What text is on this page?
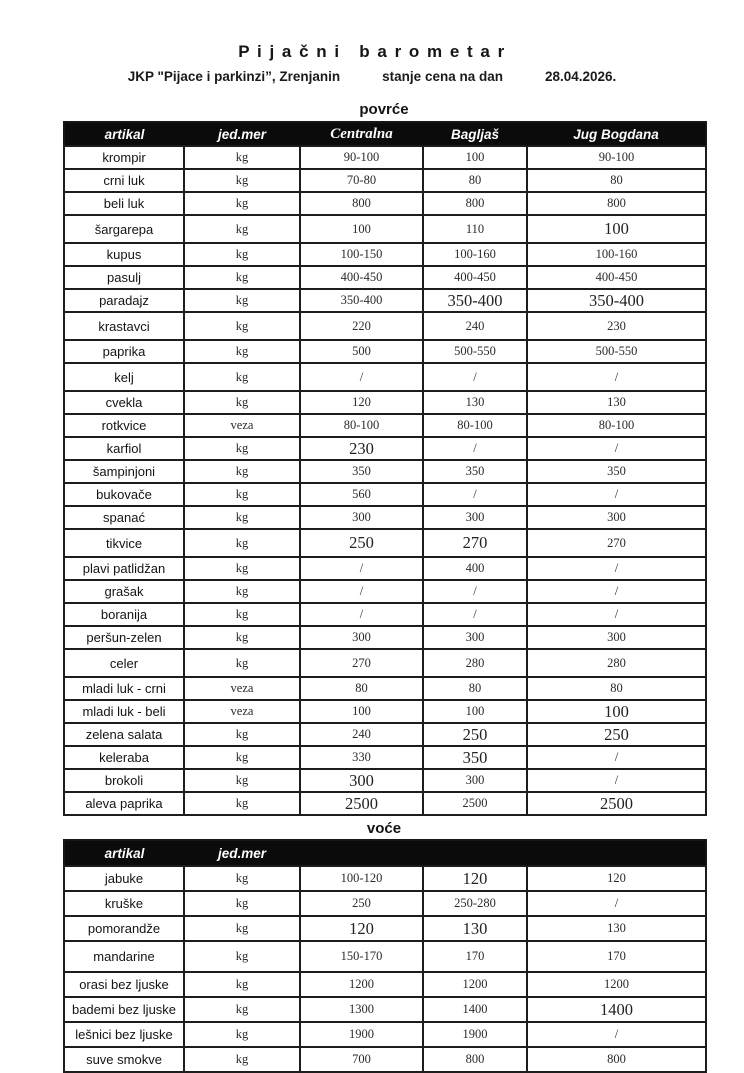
P i j a č n i   b a r o m e t a r
JKP "Pijace i parkinzi”, Zrenjanin	stanje cena na dan	28.04.2026.
povrće
artikal	jed.mer	Centralna	Bagljaš	Jug Bogdana
krompir	kg	90-100	100	90-100
crni luk	kg	70-80	80	80
beli luk	kg	800	800	800
šargarepa	kg	100	110	100
kupus	kg	100-150	100-160	100-160
pasulj	kg	400-450	400-450	400-450
paradajz	kg	350-400	350-400	350-400
krastavci	kg	220	240	230
paprika	kg	500	500-550	500-550
kelj	kg	/	/	/
cvekla	kg	120	130	130
rotkvice	veza	80-100	80-100	80-100
karfiol	kg	230	/	/
šampinjoni	kg	350	350	350
bukovače	kg	560	/	/
spanać	kg	300	300	300
tikvice	kg	250	270	270
plavi patlidžan	kg	/	400	/
grašak	kg	/	/	/
boranija	kg	/	/	/
peršun-zelen	kg	300	300	300
celer	kg	270	280	280
mladi luk - crni	veza	80	80	80
mladi luk - beli	veza	100	100	100
zelena salata	kg	240	250	250
keleraba	kg	330	350	/
brokoli	kg	300	300	/
aleva paprika	kg	2500	2500	2500
voće
artikal	jed.mer			
jabuke	kg	100-120	120	120
kruške	kg	250	250-280	/
pomorandže	kg	120	130	130
mandarine	kg	150-170	170	170
orasi bez ljuske	kg	1200	1200	1200
bademi bez ljuske	kg	1300	1400	1400
lešnici bez ljuske	kg	1900	1900	/
suve smokve	kg	700	800	800
